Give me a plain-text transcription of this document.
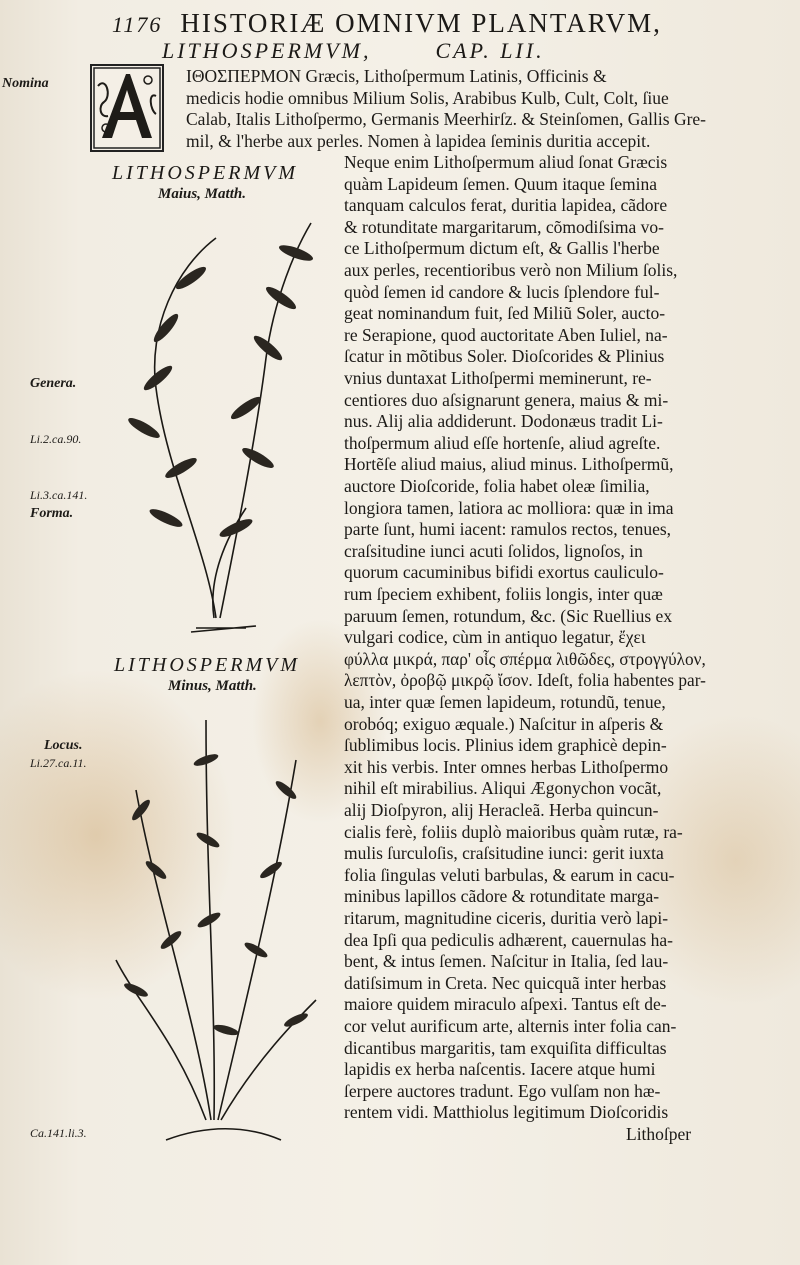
1176 HISTORIÆ OMNIVM PLANTARVM,
LITHOSPERMVM,	CAP. LII.
Nomina
Genera.
Li.2.ca.90.
Li.3.ca.141.
Forma.
Locus.
Li.27.ca.11.
Ca.141.li.3.
LITHOSPERMVM
Maius, Matth.
LITHOSPERMVM
Minus, Matth.
ΙΘΟΣΠΕΡΜΟΝ Græcis, Lithoſpermum Latinis, Officinis &
medicis hodie omnibus Milium Solis, Arabibus Kulb, Cult, Colt, ſiue
Calab, Italis Lithoſpermo, Germanis Meerhirſz. & Steinſomen, Gallis Gre-
mil, & l'herbe aux perles. Nomen à lapidea ſeminis duritia accepit.
Neque enim Lithoſpermum aliud ſonat Græcis
quàm Lapideum ſemen. Quum itaque ſemina
tanquam calculos ferat, duritia lapidea, cãdore
& rotunditate margaritarum, cõmodiſsima vo-
ce Lithoſpermum dictum eſt, & Gallis l'herbe
aux perles, recentioribus verò non Milium ſolis,
quòd ſemen id candore & lucis ſplendore ful-
geat nominandum fuit, ſed Miliũ Soler, aucto-
re Serapione, quod auctoritate Aben Iuliel, na-
ſcatur in mõtibus Soler. Dioſcorides & Plinius
vnius duntaxat Lithoſpermi meminerunt, re-
centiores duo aſsignarunt genera, maius & mi-
nus. Alij alia addiderunt. Dodonæus tradit Li-
thoſpermum aliud eſſe hortenſe, aliud agreſte.
Hortẽſe aliud maius, aliud minus. Lithoſpermũ,
auctore Dioſcoride, folia habet oleæ ſimilia,
longiora tamen, latiora ac molliora: quæ in ima
parte ſunt, humi iacent: ramulos rectos, tenues,
craſsitudine iunci acuti ſolidos, lignoſos, in
quorum cacuminibus bifidi exortus cauliculo-
rum ſpeciem exhibent, foliis longis, inter quæ
paruum ſemen, rotundum, &c. (Sic Ruellius ex
vulgari codice, cùm in antiquo legatur, ἔχει
φύλλα μικρά, παρ' οἷς σπέρμα λιθῶδες, στρογγύλον,
λεπτὸν, ὀροβῷ μικρῷ ἴσον. Ideſt, folia habentes par-
ua, inter quæ ſemen lapideum, rotundũ, tenue,
orobóq; exiguo æquale.) Naſcitur in aſperis &
ſublimibus locis. Plinius idem graphicè depin-
xit his verbis. Inter omnes herbas Lithoſpermo
nihil eſt mirabilius. Aliqui Ægonychon vocãt,
alij Dioſpyron, alij Heracleã. Herba quincun-
cialis ferè, foliis duplò maioribus quàm rutæ, ra-
mulis ſurculoſis, craſsitudine iunci: gerit iuxta
folia ſingulas veluti barbulas, & earum in cacu-
minibus lapillos cãdore & rotunditate marga-
ritarum, magnitudine ciceris, duritia verò lapi-
dea Ipſi qua pediculis adhærent, cauernulas ha-
bent, & intus ſemen. Naſcitur in Italia, ſed lau-
datiſsimum in Creta. Nec quicquã inter herbas
maiore quidem miraculo aſpexi. Tantus eſt de-
cor velut aurificum arte, alternis inter folia can-
dicantibus margaritis, tam exquiſita difficultas
lapidis ex herba naſcentis. Iacere atque humi
ſerpere auctores tradunt. Ego vulſam non hæ-
rentem vidi. Matthiolus legitimum Dioſcoridis
Lithoſper
